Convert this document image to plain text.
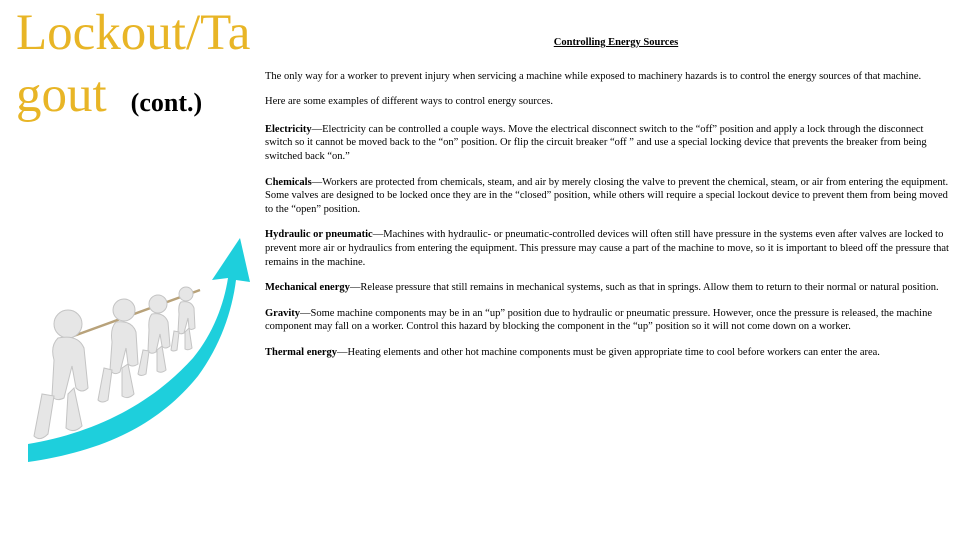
Lockout/Ta
gout (cont.)
Controlling Energy Sources
The only way for a worker to prevent injury when servicing a machine while exposed to machinery hazards is to control the energy sources of that machine.
Here are some examples of different ways to control energy sources.
Electricity—Electricity can be controlled a couple ways. Move the electrical disconnect switch to the “off” position and apply a lock through the disconnect switch so it cannot be moved back to the “on” position. Or flip the circuit breaker “off ” and use a special locking device that prevents the breaker from being switched back “on.”
Chemicals—Workers are protected from chemicals, steam, and air by merely closing the valve to prevent the chemical, steam, or air from entering the equipment. Some valves are designed to be locked once they are in the “closed” position, while others will require a special lockout device to prevent them from being moved to the “open” position.
Hydraulic or pneumatic—Machines with hydraulic- or pneumatic-controlled devices will often still have pressure in the systems even after valves are locked to prevent more air or hydraulics from entering the equipment. This pressure may cause a part of the machine to move, so it is important to bleed off the pressure that remains in the machine.
Mechanical energy—Release pressure that still remains in mechanical systems, such as that in springs. Allow them to return to their normal or natural position.
Gravity—Some machine components may be in an “up” position due to hydraulic or pneumatic pressure. However, once the pressure is released, the machine component may fall on a worker. Control this hazard by blocking the component in the “up” position so it will not come down on a worker.
Thermal energy—Heating elements and other hot machine components must be given appropriate time to cool before workers can enter the area.
